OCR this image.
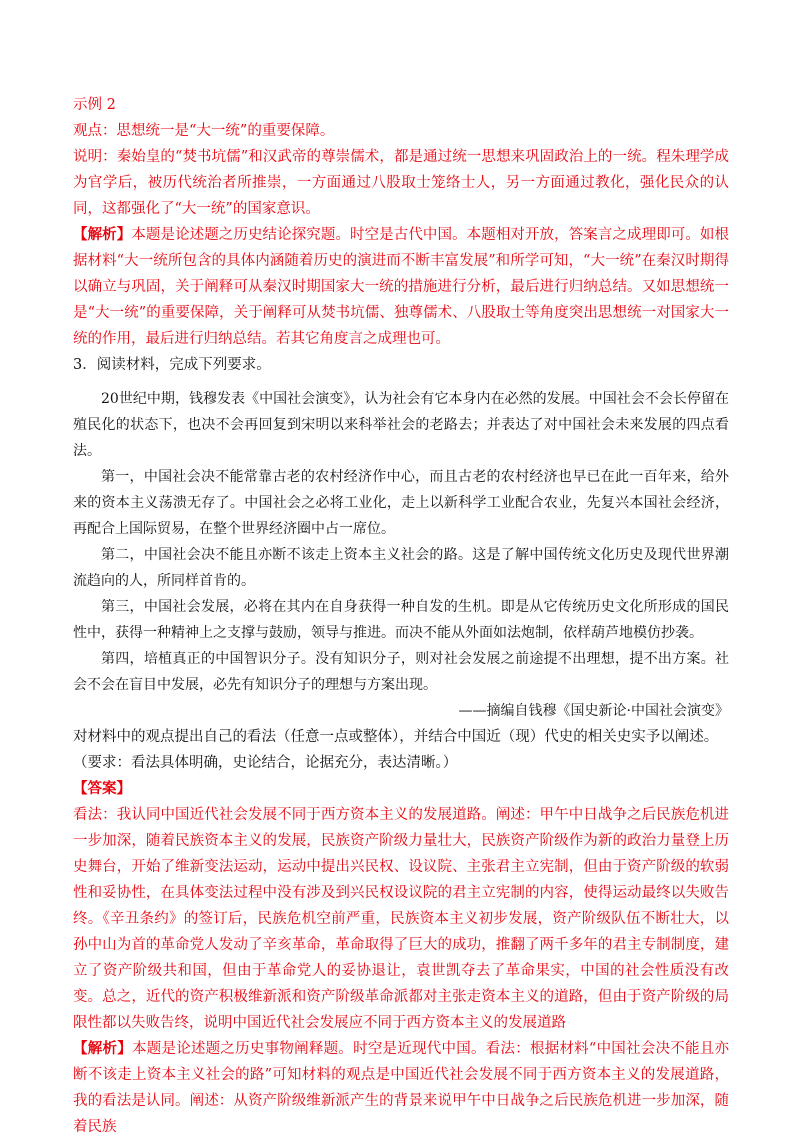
示例 2

观点：思想统一是“大一统”的重要保障。

说明：秦始皇的“焚书坑儒”和汉武帝的尊崇儒术，都是通过统一思想来巩固政治上的一统。程朱理学成为官学后，被历代统治者所推崇，一方面通过八股取士笼络士人，另一方面通过教化，强化民众的认同，这都强化了“大一统”的国家意识。

【解析】本题是论述题之历史结论探究题。时空是古代中国。本题相对开放，答案言之成理即可。如根据材料“大一统所包含的具体内涵随着历史的演进而不断丰富发展”和所学可知，“大一统”在秦汉时期得以确立与巩固，关于阐释可从秦汉时期国家大一统的措施进行分析，最后进行归纳总结。又如思想统一是“大一统”的重要保障，关于阐释可从焚书坑儒、独尊儒术、八股取士等角度突出思想统一对国家大一统的作用，最后进行归纳总结。若其它角度言之成理也可。

3．阅读材料，完成下列要求。

20世纪中期，钱穆发表《中国社会演变》，认为社会有它本身内在必然的发展。中国社会不会长停留在殖民化的状态下，也决不会再回复到宋明以来科举社会的老路去；并表达了对中国社会未来发展的四点看法。

第一，中国社会决不能常靠古老的农村经济作中心，而且古老的农村经济也早已在此一百年来，给外来的资本主义荡溃无存了。中国社会之必将工业化，走上以新科学工业配合农业，先复兴本国社会经济，再配合上国际贸易，在整个世界经济圈中占一席位。

第二，中国社会决不能且亦断不该走上资本主义社会的路。这是了解中国传统文化历史及现代世界潮流趋向的人，所同样首肯的。

第三，中国社会发展，必将在其内在自身获得一种自发的生机。即是从它传统历史文化所形成的国民性中，获得一种精神上之支撑与鼓励，领导与推进。而决不能从外面如法炮制，依样葫芦地模仿抄袭。

第四，培植真正的中国智识分子。没有知识分子，则对社会发展之前途提不出理想，提不出方案。社会不会在盲目中发展，必先有知识分子的理想与方案出现。

——摘编自钱穆《国史新论·中国社会演变》

对材料中的观点提出自己的看法（任意一点或整体），并结合中国近（现）代史的相关史实予以阐述。

（要求：看法具体明确，史论结合，论据充分，表达清晰。）

【答案】

看法：我认同中国近代社会发展不同于西方资本主义的发展道路。阐述：甲午中日战争之后民族危机进一步加深，随着民族资本主义的发展，民族资产阶级力量壮大，民族资产阶级作为新的政治力量登上历史舞台，开始了维新变法运动，运动中提出兴民权、设议院、主张君主立宪制，但由于资产阶级的软弱性和妥协性，在具体变法过程中没有涉及到兴民权设议院的君主立宪制的内容，使得运动最终以失败告终。《辛丑条约》的签订后，民族危机空前严重，民族资本主义初步发展，资产阶级队伍不断壮大，以孙中山为首的革命党人发动了辛亥革命，革命取得了巨大的成功，推翻了两千多年的君主专制制度，建立了资产阶级共和国，但由于革命党人的妥协退让，袁世凯夺去了革命果实，中国的社会性质没有改变。总之，近代的资产积极维新派和资产阶级革命派都对主张走资本主义的道路，但由于资产阶级的局限性都以失败告终，说明中国近代社会发展应不同于西方资本主义的发展道路

【解析】本题是论述题之历史事物阐释题。时空是近现代中国。看法：根据材料“中国社会决不能且亦断不该走上资本主义社会的路”可知材料的观点是中国近代社会发展不同于西方资本主义的发展道路，我的看法是认同。阐述：从资产阶级维新派产生的背景来说甲午中日战争之后民族危机进一步加深，随着民族
